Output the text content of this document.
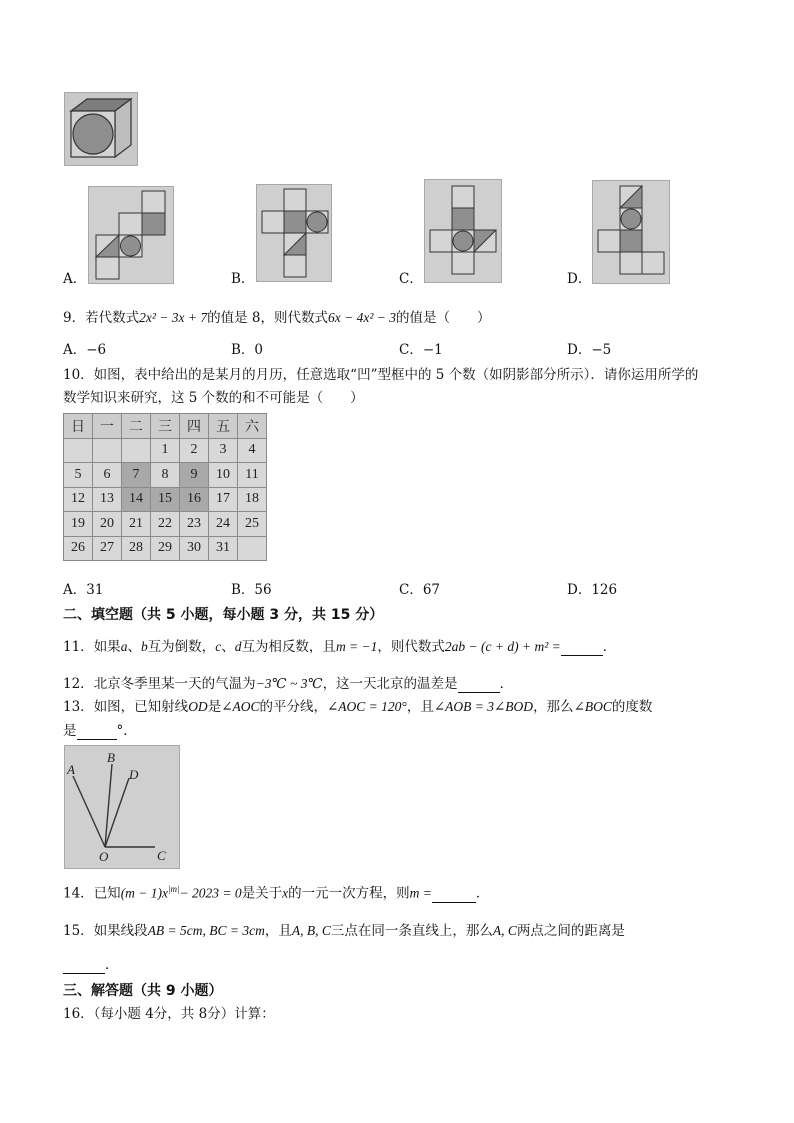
A．	B．	C．	D．
9．若代数式2x² − 3x + 7的值是 8，则代数式6x − 4x² − 3的值是（　　）
A．−6	B．0	C．−1	D．−5
10．如图，表中给出的是某月的月历，任意选取“凹”型框中的 5 个数（如阴影部分所示）．请你运用所学的
数学知识来研究，这 5 个数的和不可能是（　　）
日	一	二	三	四	五	六
			1	2	3	4
5	6	7	8	9	10	11
12	13	14	15	16	17	18
19	20	21	22	23	24	25
26	27	28	29	30	31	
A．31	B．56	C．67	D．126
二、填空题（共 5 小题，每小题 3 分，共 15 分）
11．如果a、b互为倒数，c、d互为相反数，且m = −1，则代数式2ab − (c + d) + m² =	．
12．北京冬季里某一天的气温为−3℃ ~ 3℃，这一天北京的温差是	．
13．如图，已知射线OD是∠AOC的平分线，∠AOC = 120°，且∠AOB = 3∠BOD，那么∠BOC的度数
是	°．
A
B
D
O	C
14．已知$(m - 1)x^{|m|}- 2023 = 0$是关于x的一元一次方程，则m =	．
15．如果线段AB = 5cm, BC = 3cm，且A, B, C三点在同一条直线上，那么A, C两点之间的距离是
．
三、解答题（共 9 小题）
16．（每小题 4分，共 8分）计算：
